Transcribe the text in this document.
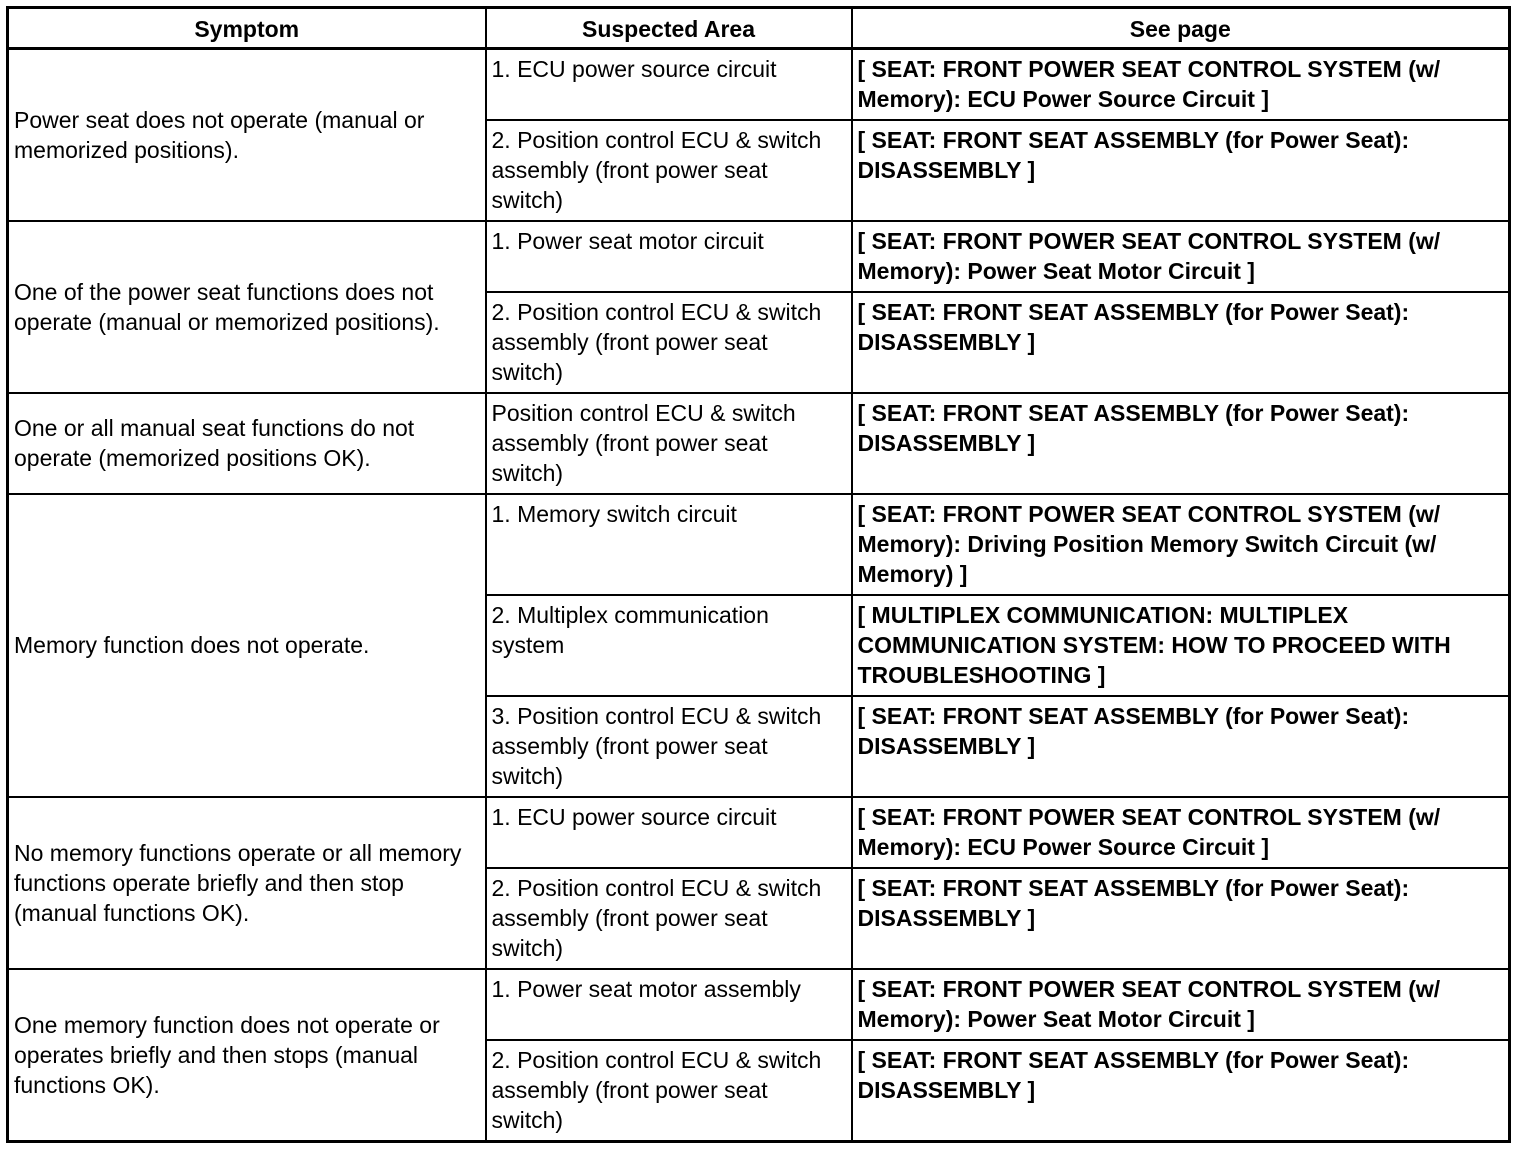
Symptom	Suspected Area	See page
Power seat does not operate (manual or memorized positions).	1. ECU power source circuit	[ SEAT: FRONT POWER SEAT CONTROL SYSTEM (w/ Memory): ECU Power Source Circuit ]
	2. Position control ECU & switch assembly (front power seat switch)	[ SEAT: FRONT SEAT ASSEMBLY (for Power Seat): DISASSEMBLY ]
One of the power seat functions does not operate (manual or memorized positions).	1. Power seat motor circuit	[ SEAT: FRONT POWER SEAT CONTROL SYSTEM (w/ Memory): Power Seat Motor Circuit ]
	2. Position control ECU & switch assembly (front power seat switch)	[ SEAT: FRONT SEAT ASSEMBLY (for Power Seat): DISASSEMBLY ]
One or all manual seat functions do not operate (memorized positions OK).	Position control ECU & switch assembly (front power seat switch)	[ SEAT: FRONT SEAT ASSEMBLY (for Power Seat): DISASSEMBLY ]
Memory function does not operate.	1. Memory switch circuit	[ SEAT: FRONT POWER SEAT CONTROL SYSTEM (w/ Memory): Driving Position Memory Switch Circuit (w/ Memory) ]
	2. Multiplex communication system	[ MULTIPLEX COMMUNICATION: MULTIPLEX COMMUNICATION SYSTEM: HOW TO PROCEED WITH TROUBLESHOOTING ]
	3. Position control ECU & switch assembly (front power seat switch)	[ SEAT: FRONT SEAT ASSEMBLY (for Power Seat): DISASSEMBLY ]
No memory functions operate or all memory functions operate briefly and then stop (manual functions OK).	1. ECU power source circuit	[ SEAT: FRONT POWER SEAT CONTROL SYSTEM (w/ Memory): ECU Power Source Circuit ]
	2. Position control ECU & switch assembly (front power seat switch)	[ SEAT: FRONT SEAT ASSEMBLY (for Power Seat): DISASSEMBLY ]
One memory function does not operate or operates briefly and then stops (manual functions OK).	1. Power seat motor assembly	[ SEAT: FRONT POWER SEAT CONTROL SYSTEM (w/ Memory): Power Seat Motor Circuit ]
	2. Position control ECU & switch assembly (front power seat switch)	[ SEAT: FRONT SEAT ASSEMBLY (for Power Seat): DISASSEMBLY ]
